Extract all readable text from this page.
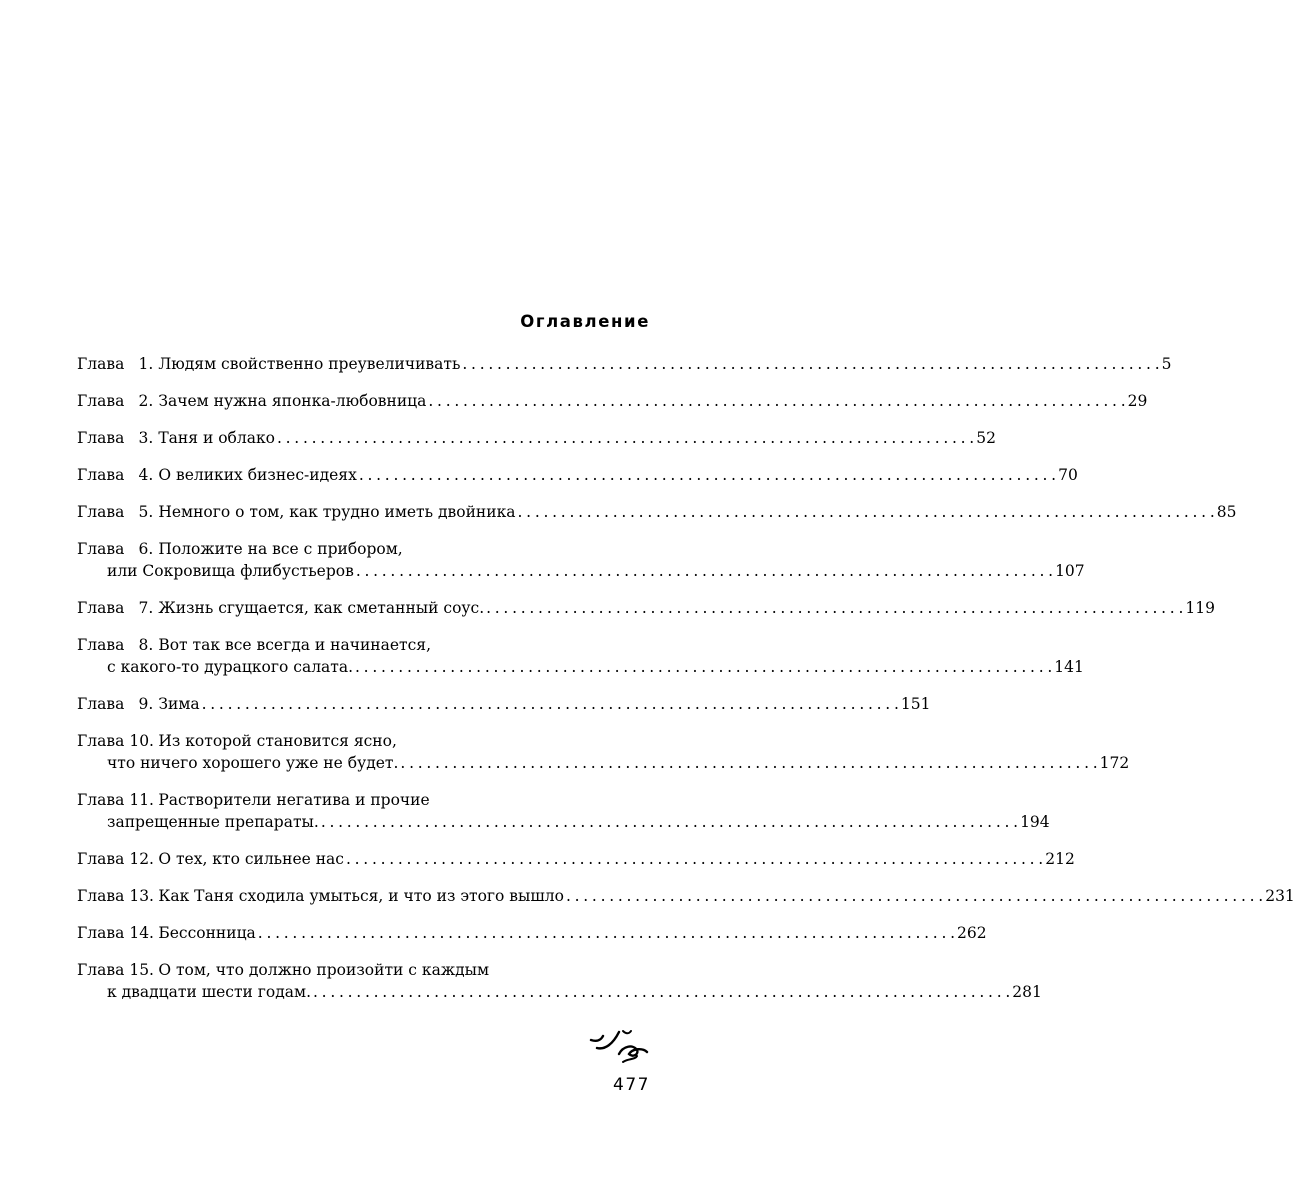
Оглавление
Глава 1. Людям свойственно преувеличивать . . .	5
Глава 2. Зачем нужна японка-любовница . . .	29
Глава 3. Таня и облако . . .	52
Глава 4. О великих бизнес-идеях . . .	70
Глава 5. Немного о том, как трудно иметь двойника . . .	85
Глава 6. Положите на все с прибором,
или Сокровища флибустьеров . . .	107
Глава 7. Жизнь сгущается, как сметанный соус. . . .	119
Глава 8. Вот так все всегда и начинается,
с какого-то дурацкого салата. . . .	141
Глава 9. Зима . . .	151
Глава 10. Из которой становится ясно,
что ничего хорошего уже не будет. . . .	172
Глава 11. Растворители негатива и прочие
запрещенные препараты. . . .	194
Глава 12. О тех, кто сильнее нас . . .	212
Глава 13. Как Таня сходила умыться, и что из этого вышло . . .	231
Глава 14. Бессонница . . .	262
Глава 15. О том, что должно произойти с каждым
к двадцати шести годам. . . .	281

477
